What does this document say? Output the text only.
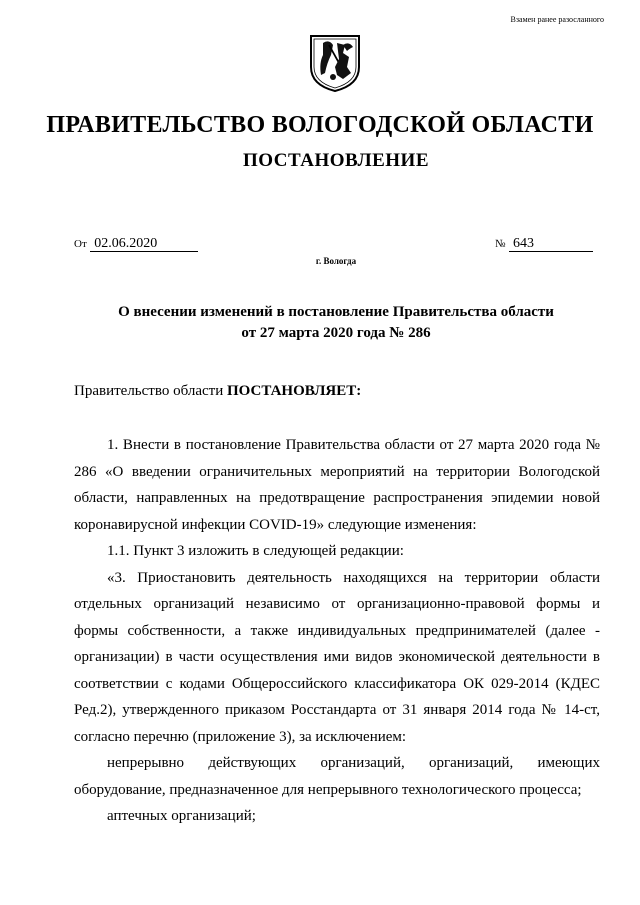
Взамен ранее разосланного
ПРАВИТЕЛЬСТВО ВОЛОГОДСКОЙ ОБЛАСТИ
ПОСТАНОВЛЕНИЕ
От 02.06.2020	№ 643
г. Вологда
О внесении изменений в постановление Правительства области
от 27 марта 2020 года № 286
Правительство области ПОСТАНОВЛЯЕТ:

1. Внести в постановление Правительства области от 27 марта 2020 года № 286 «О введении ограничительных мероприятий на территории Вологодской области, направленных на предотвращение распространения эпидемии новой коронавирусной инфекции COVID-19» следующие изменения:

1.1. Пункт 3 изложить в следующей редакции:

«3. Приостановить деятельность находящихся на территории области отдельных организаций независимо от организационно-правовой формы и формы собственности, а также индивидуальных предпринимателей (далее - организации) в части осуществления ими видов экономической деятельности в соответствии с кодами Общероссийского классификатора ОК 029-2014 (КДЕС Ред.2), утвержденного приказом Росстандарта от 31 января 2014 года № 14-ст, согласно перечню (приложение 3), за исключением:

непрерывно действующих организаций, организаций, имеющих оборудование, предназначенное для непрерывного технологического процесса;

аптечных организаций;
